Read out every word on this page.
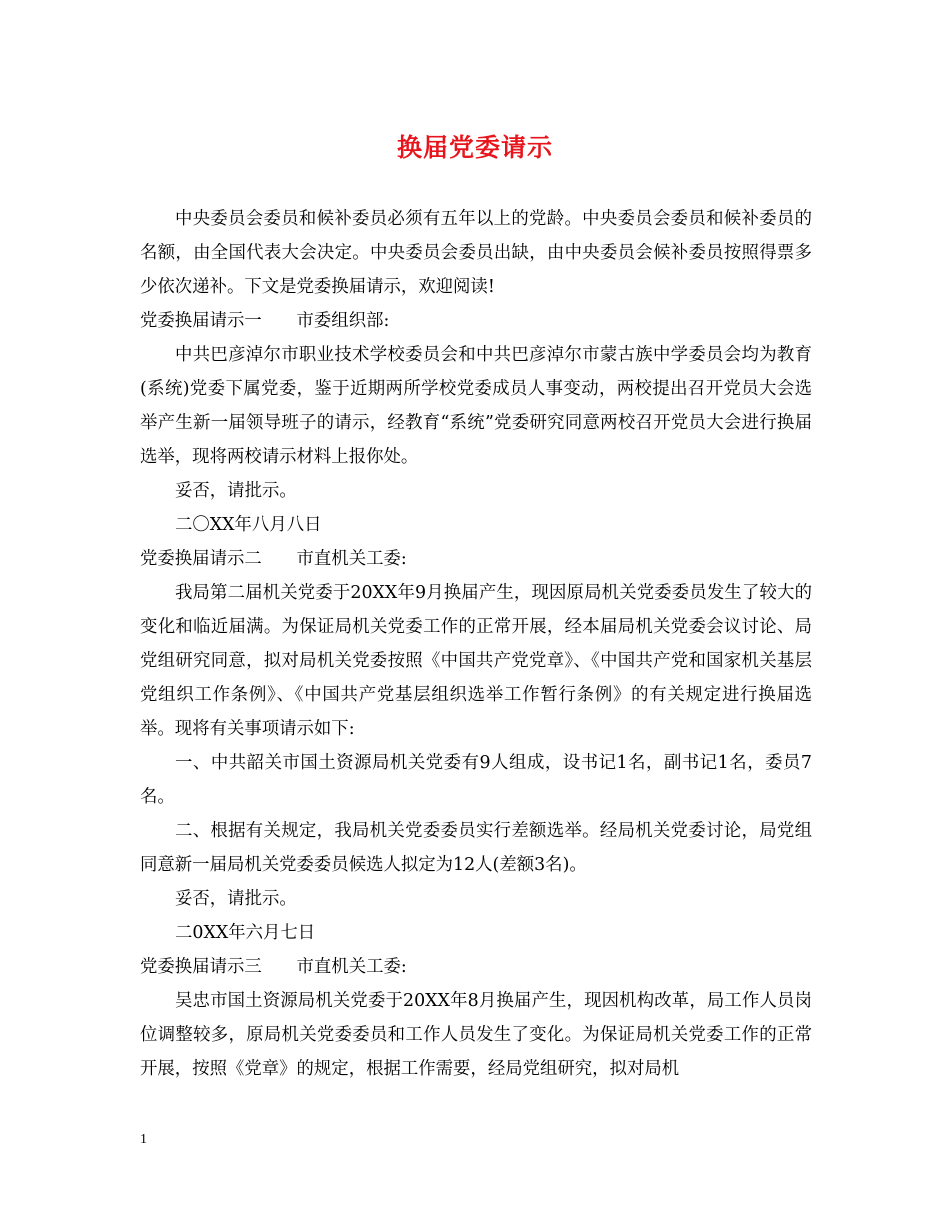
换届党委请示

中央委员会委员和候补委员必须有五年以上的党龄。中央委员会委员和候补委员的名额，由全国代表大会决定。中央委员会委员出缺，由中央委员会候补委员按照得票多少依次递补。下文是党委换届请示，欢迎阅读!

党委换届请示一　　市委组织部:

中共巴彦淖尔市职业技术学校委员会和中共巴彦淖尔市蒙古族中学委员会均为教育(系统)党委下属党委，鉴于近期两所学校党委成员人事变动，两校提出召开党员大会选举产生新一届领导班子的请示，经教育“系统”党委研究同意两校召开党员大会进行换届选举，现将两校请示材料上报你处。

妥否，请批示。

二〇XX年八月八日

党委换届请示二　　市直机关工委:

我局第二届机关党委于20XX年9月换届产生，现因原局机关党委委员发生了较大的变化和临近届满。为保证局机关党委工作的正常开展，经本届局机关党委会议讨论、局党组研究同意，拟对局机关党委按照《中国共产党党章》、《中国共产党和国家机关基层党组织工作条例》、《中国共产党基层组织选举工作暂行条例》的有关规定进行换届选举。现将有关事项请示如下:

一、中共韶关市国土资源局机关党委有9人组成，设书记1名，副书记1名，委员7名。

二、根据有关规定，我局机关党委委员实行差额选举。经局机关党委讨论，局党组同意新一届局机关党委委员候选人拟定为12人(差额3名)。

妥否，请批示。

二0XX年六月七日

党委换届请示三　　市直机关工委:

吴忠市国土资源局机关党委于20XX年8月换届产生，现因机构改革，局工作人员岗位调整较多，原局机关党委委员和工作人员发生了变化。为保证局机关党委工作的正常开展，按照《党章》的规定，根据工作需要，经局党组研究，拟对局机

1
